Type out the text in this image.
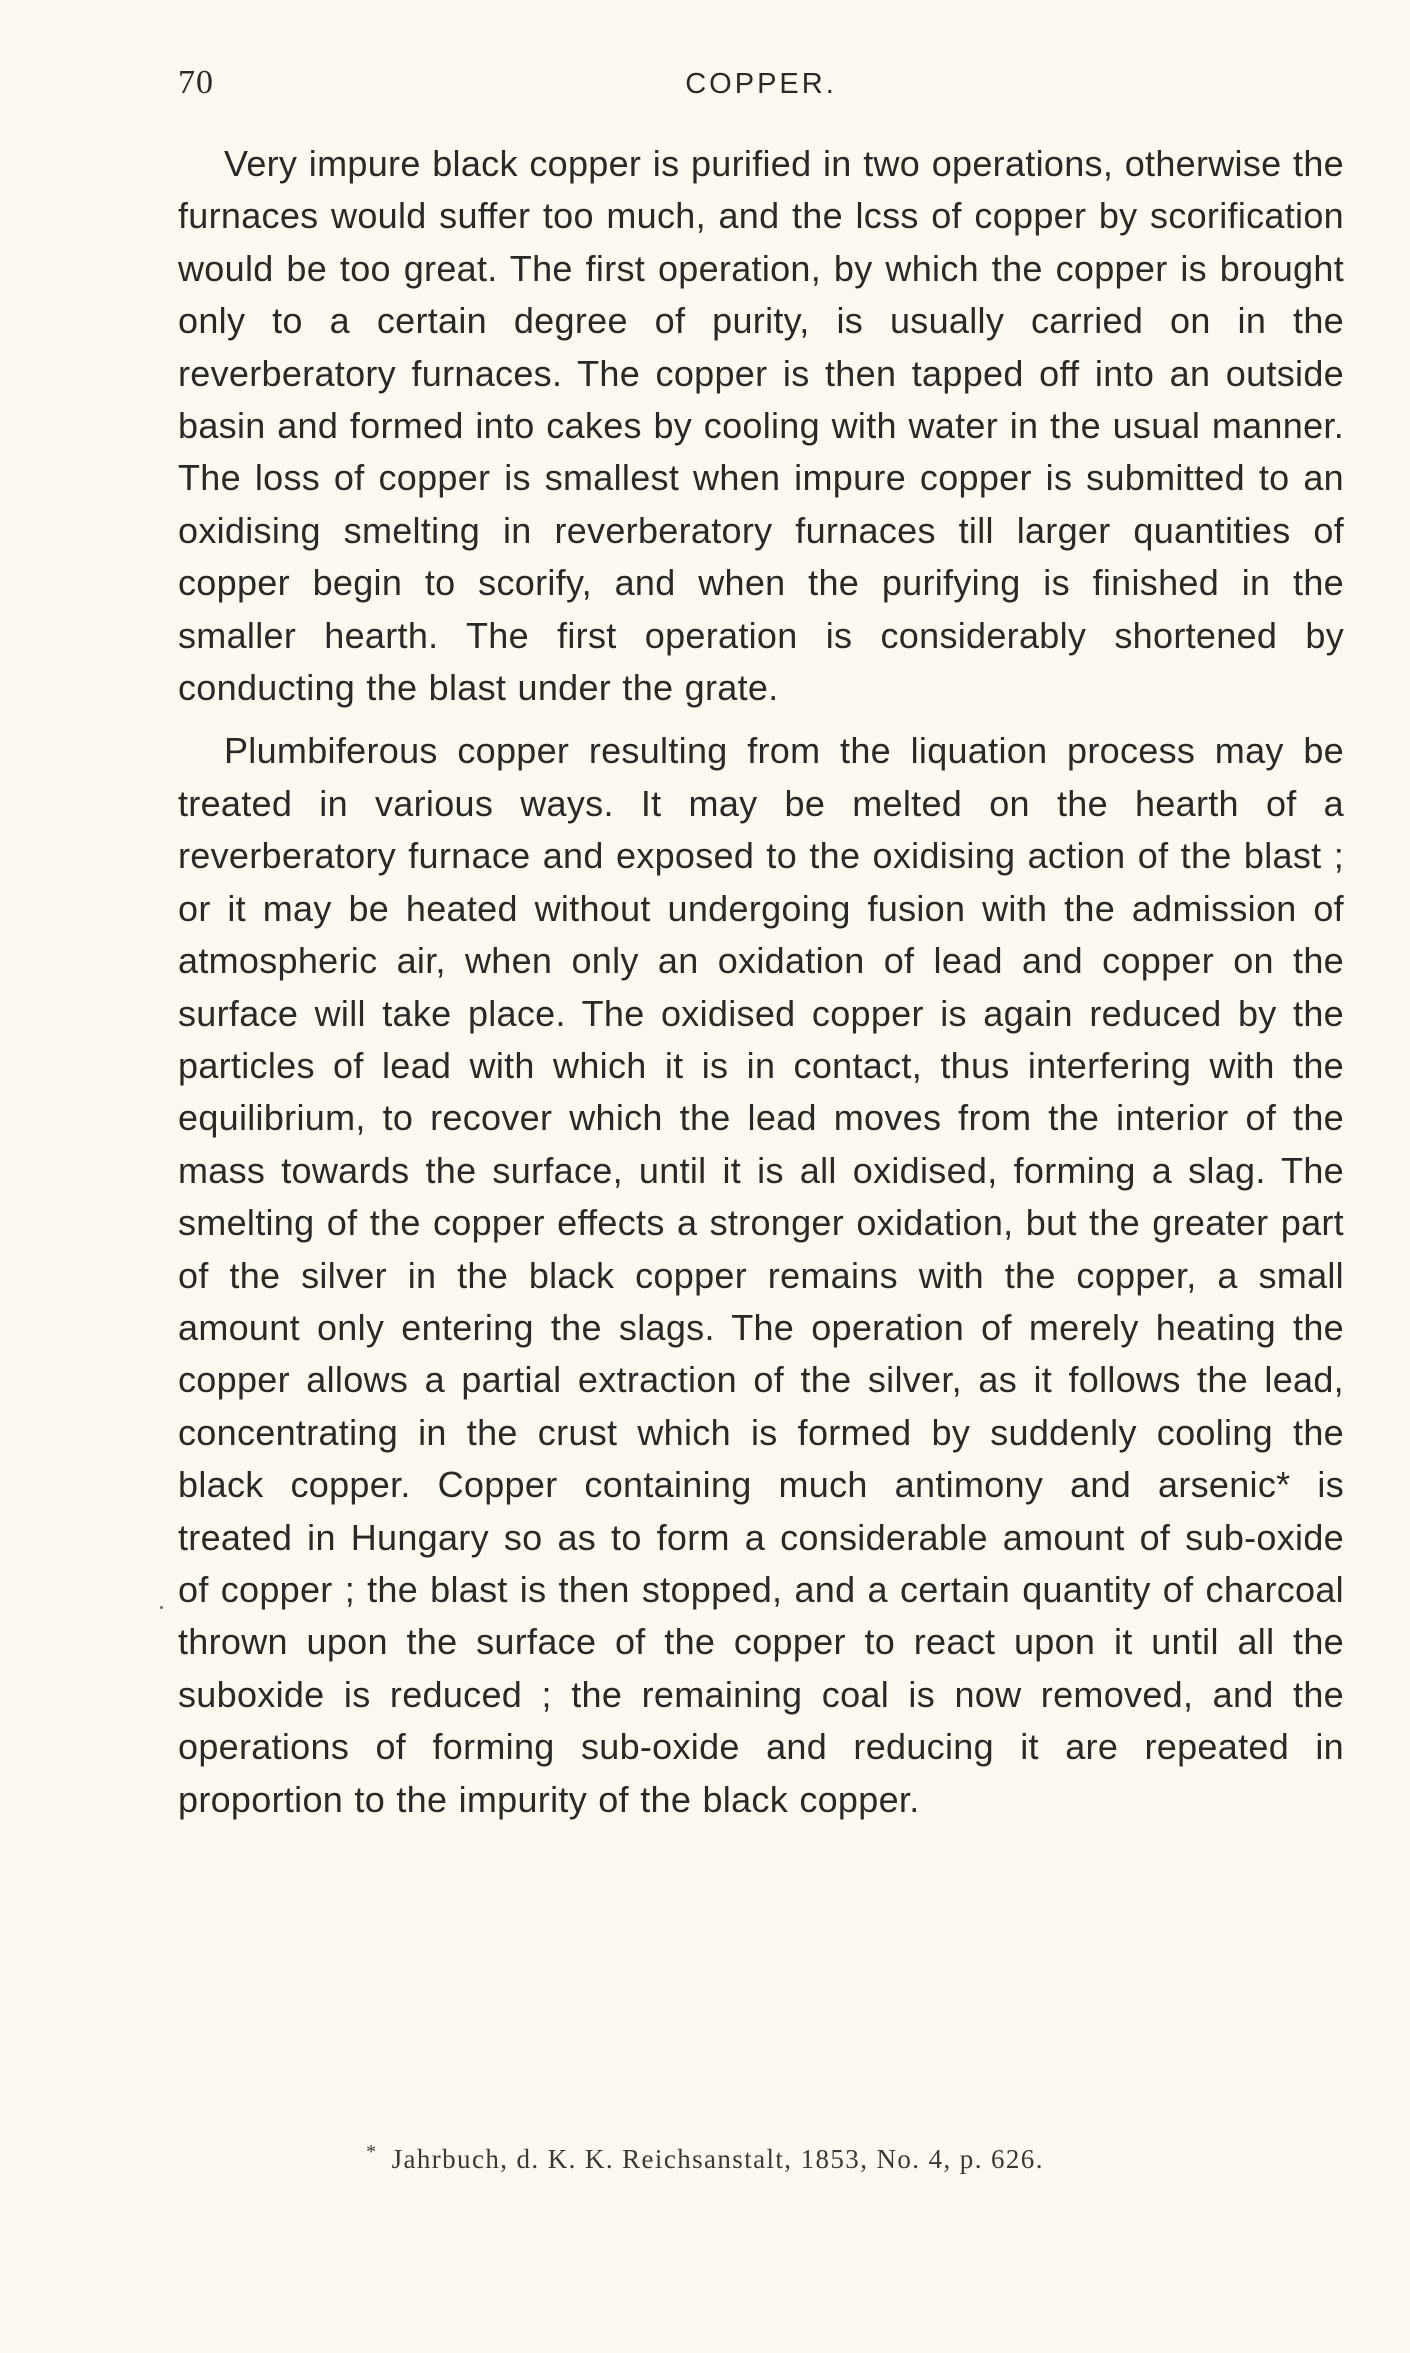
70	COPPER.

Very impure black copper is purified in two operations, otherwise the furnaces would suffer too much, and the lcss of copper by scorification would be too great. The first operation, by which the copper is brought only to a certain degree of purity, is usually carried on in the reverberatory furnaces. The copper is then tapped off into an outside basin and formed into cakes by cooling with water in the usual manner. The loss of copper is smallest when impure copper is submitted to an oxidising smelting in reverberatory furnaces till larger quantities of copper begin to scorify, and when the purifying is finished in the smaller hearth. The first operation is considerably shortened by conducting the blast under the grate.

Plumbiferous copper resulting from the liquation process may be treated in various ways. It may be melted on the hearth of a reverberatory furnace and exposed to the oxidising action of the blast ; or it may be heated without undergoing fusion with the admission of atmospheric air, when only an oxidation of lead and copper on the surface will take place. The oxidised copper is again reduced by the particles of lead with which it is in contact, thus interfering with the equilibrium, to recover which the lead moves from the interior of the mass towards the surface, until it is all oxidised, forming a slag. The smelting of the copper effects a stronger oxidation, but the greater part of the silver in the black copper remains with the copper, a small amount only entering the slags. The operation of merely heating the copper allows a partial extraction of the silver, as it follows the lead, concentrating in the crust which is formed by suddenly cooling the black copper. Copper containing much antimony and arsenic* is treated in Hungary so as to form a considerable amount of sub-oxide of copper ; the blast is then stopped, and a certain quantity of charcoal thrown upon the surface of the copper to react upon it until all the suboxide is reduced ; the remaining coal is now removed, and the operations of forming sub-oxide and reducing it are repeated in proportion to the impurity of the black copper.

* Jahrbuch, d. K. K. Reichsanstalt, 1853, No. 4, p. 626.
